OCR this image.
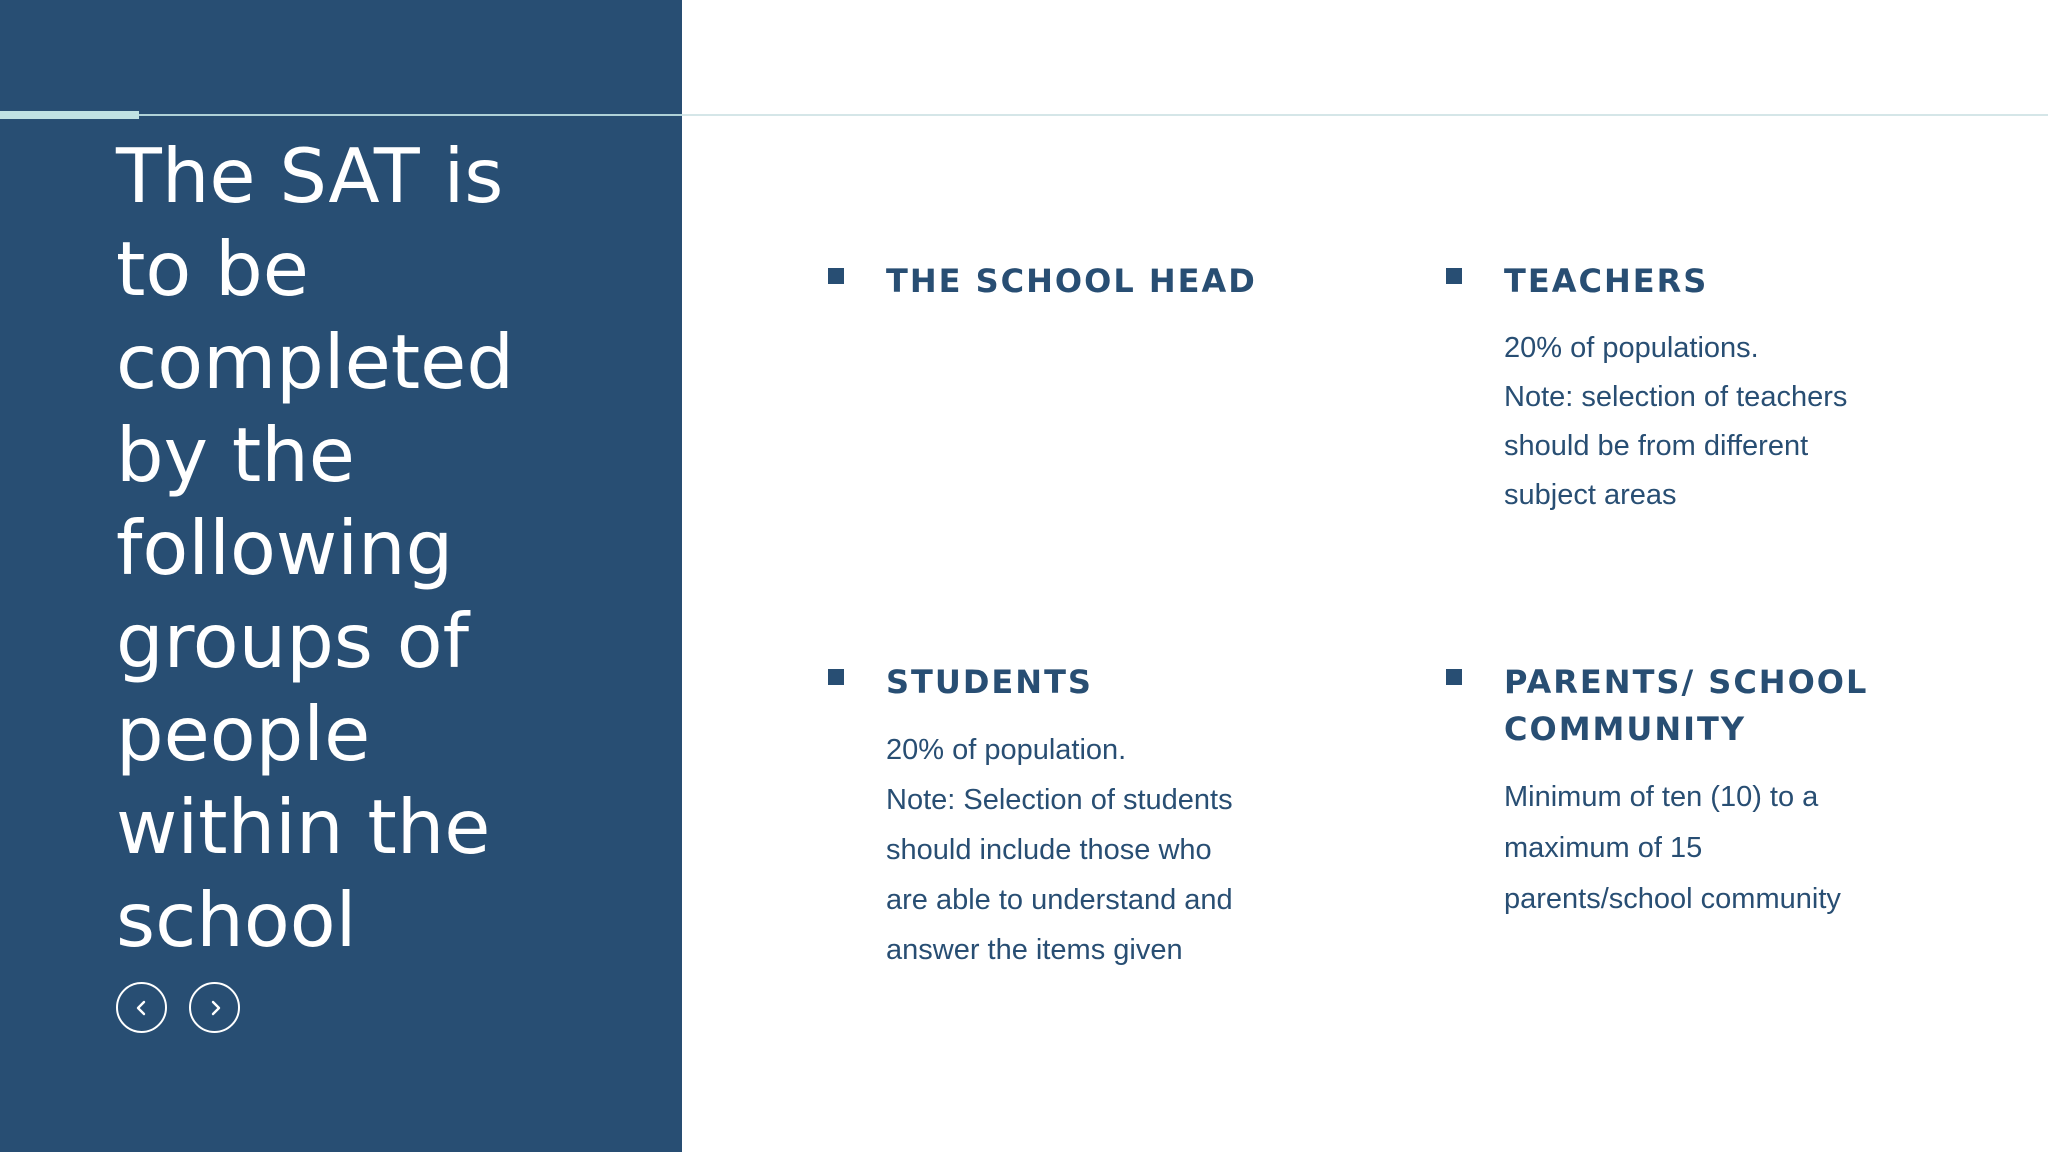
The SAT is
to be
completed
by the
following
groups of
people
within the
school
THE SCHOOL HEAD	TEACHERS

20% of populations.
Note: selection of teachers
should be from different
subject areas

STUDENTS

20% of population.
Note: Selection of students
should include those who
are able to understand and
answer the items given

PARENTS/ SCHOOL COMMUNITY

Minimum of ten (10) to a
maximum of 15
parents/school community
